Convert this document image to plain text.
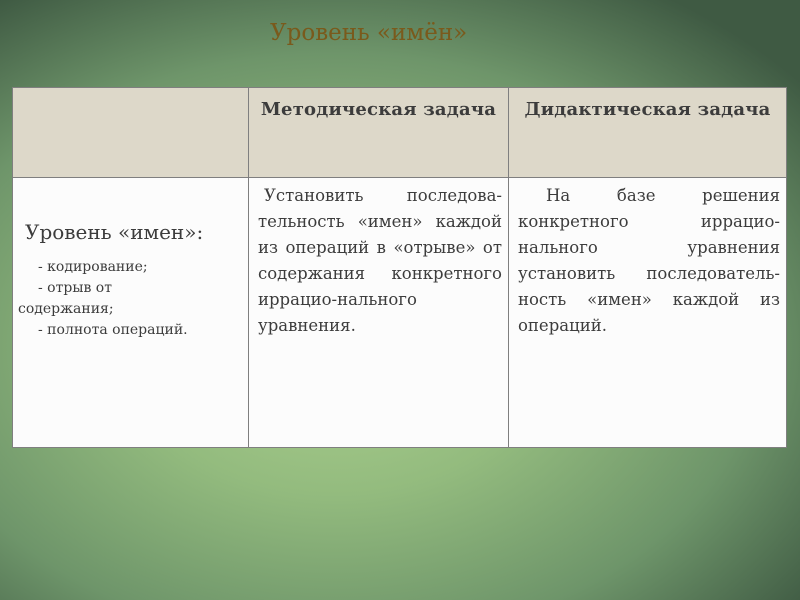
Уровень «имён»
	Методическая задача	Дидактическая задача

Уровень «имен»:
- кодирование;
- отрыв от
содержания;
- полнота операций.	Установить последова-тельность «имен» каждой из операций в «отрыве» от содержания конкретного иррацио-нального уравнения.	На базе решения конкретного иррацио-нального уравнения установить последователь-ность «имен» каждой из операций.
